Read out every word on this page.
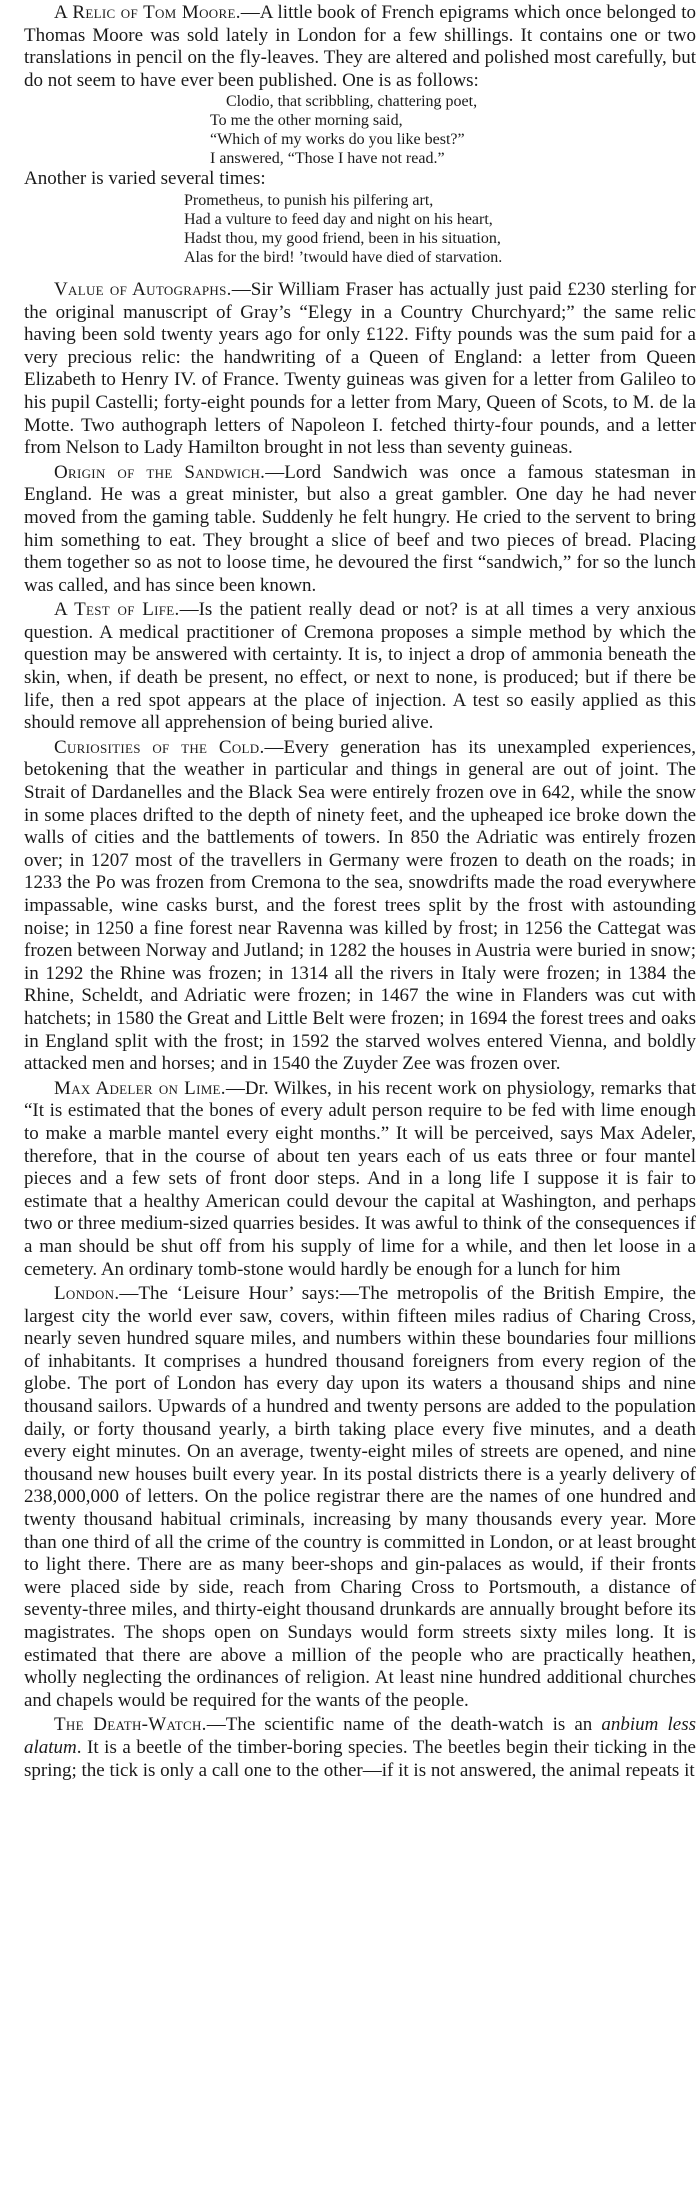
A Relic of Tom Moore.—A little book of French epigrams which once belonged to Thomas Moore was sold lately in London for a few shillings. It contains one or two translations in pencil on the fly-leaves. They are altered and polished most carefully, but do not seem to have ever been published. One is as follows:

Clodio, that scribbling, chattering poet,
To me the other morning said,
“Which of my works do you like best?”
I answered, “Those I have not read.”

Another is varied several times:

Prometheus, to punish his pilfering art,
Had a vulture to feed day and night on his heart,
Hadst thou, my good friend, been in his situation,
Alas for the bird! ’twould have died of starvation.

Value of Autographs.—Sir William Fraser has actually just paid £230 sterling for the original manuscript of Gray’s “Elegy in a Country Churchyard;” the same relic having been sold twenty years ago for only £122. Fifty pounds was the sum paid for a very precious relic: the handwriting of a Queen of England: a letter from Queen Elizabeth to Henry IV. of France. Twenty guineas was given for a letter from Galileo to his pupil Castelli; forty-eight pounds for a letter from Mary, Queen of Scots, to M. de la Motte. Two authograph letters of Napoleon I. fetched thirty-four pounds, and a letter from Nelson to Lady Hamilton brought in not less than seventy guineas.

Origin of the Sandwich.—Lord Sandwich was once a famous statesman in England. He was a great minister, but also a great gambler. One day he had never moved from the gaming table. Suddenly he felt hungry. He cried to the servent to bring him something to eat. They brought a slice of beef and two pieces of bread. Placing them together so as not to loose time, he devoured the first “sandwich,” for so the lunch was called, and has since been known.

A Test of Life.—Is the patient really dead or not? is at all times a very anxious question. A medical practitioner of Cremona proposes a simple method by which the question may be answered with certainty. It is, to inject a drop of ammonia beneath the skin, when, if death be present, no effect, or next to none, is produced; but if there be life, then a red spot appears at the place of injection. A test so easily applied as this should remove all apprehension of being buried alive.

Curiosities of the Cold.—Every generation has its unexampled experiences, betokening that the weather in particular and things in general are out of joint. The Strait of Dardanelles and the Black Sea were entirely frozen ove in 642, while the snow in some places drifted to the depth of ninety feet, and the upheaped ice broke down the walls of cities and the battlements of towers. In 850 the Adriatic was entirely frozen over; in 1207 most of the travellers in Germany were frozen to death on the roads; in 1233 the Po was frozen from Cremona to the sea, snowdrifts made the road everywhere impassable, wine casks burst, and the forest trees split by the frost with astounding noise; in 1250 a fine forest near Ravenna was killed by frost; in 1256 the Cattegat was frozen between Norway and Jutland; in 1282 the houses in Austria were buried in snow; in 1292 the Rhine was frozen; in 1314 all the rivers in Italy were frozen; in 1384 the Rhine, Scheldt, and Adriatic were frozen; in 1467 the wine in Flanders was cut with hatchets; in 1580 the Great and Little Belt were frozen; in 1694 the forest trees and oaks in England split with the frost; in 1592 the starved wolves entered Vienna, and boldly attacked men and horses; and in 1540 the Zuyder Zee was frozen over.

Max Adeler on Lime.—Dr. Wilkes, in his recent work on physiology, remarks that “It is estimated that the bones of every adult person require to be fed with lime enough to make a marble mantel every eight months.” It will be perceived, says Max Adeler, therefore, that in the course of about ten years each of us eats three or four mantel pieces and a few sets of front door steps. And in a long life I suppose it is fair to estimate that a healthy American could devour the capital at Washington, and perhaps two or three medium-sized quarries besides. It was awful to think of the consequences if a man should be shut off from his supply of lime for a while, and then let loose in a cemetery. An ordinary tomb-stone would hardly be enough for a lunch for him

London.—The ‘Leisure Hour’ says:—The metropolis of the British Empire, the largest city the world ever saw, covers, within fifteen miles radius of Charing Cross, nearly seven hundred square miles, and numbers within these boundaries four millions of inhabitants. It comprises a hundred thousand foreigners from every region of the globe. The port of London has every day upon its waters a thousand ships and nine thousand sailors. Upwards of a hundred and twenty persons are added to the population daily, or forty thousand yearly, a birth taking place every five minutes, and a death every eight minutes. On an average, twenty-eight miles of streets are opened, and nine thousand new houses built every year. In its postal districts there is a yearly delivery of 238,000,000 of letters. On the police registrar there are the names of one hundred and twenty thousand habitual criminals, increasing by many thousands every year. More than one third of all the crime of the country is committed in London, or at least brought to light there. There are as many beer-shops and gin-palaces as would, if their fronts were placed side by side, reach from Charing Cross to Portsmouth, a distance of seventy-three miles, and thirty-eight thousand drunkards are annually brought before its magistrates. The shops open on Sundays would form streets sixty miles long. It is estimated that there are above a million of the people who are practically heathen, wholly neglecting the ordinances of religion. At least nine hundred additional churches and chapels would be required for the wants of the people.

The Death-Watch.—The scientific name of the death-watch is an anbium less alatum. It is a beetle of the timber-boring species. The beetles begin their ticking in the spring; the tick is only a call one to the other—if it is not answered, the animal repeats it
